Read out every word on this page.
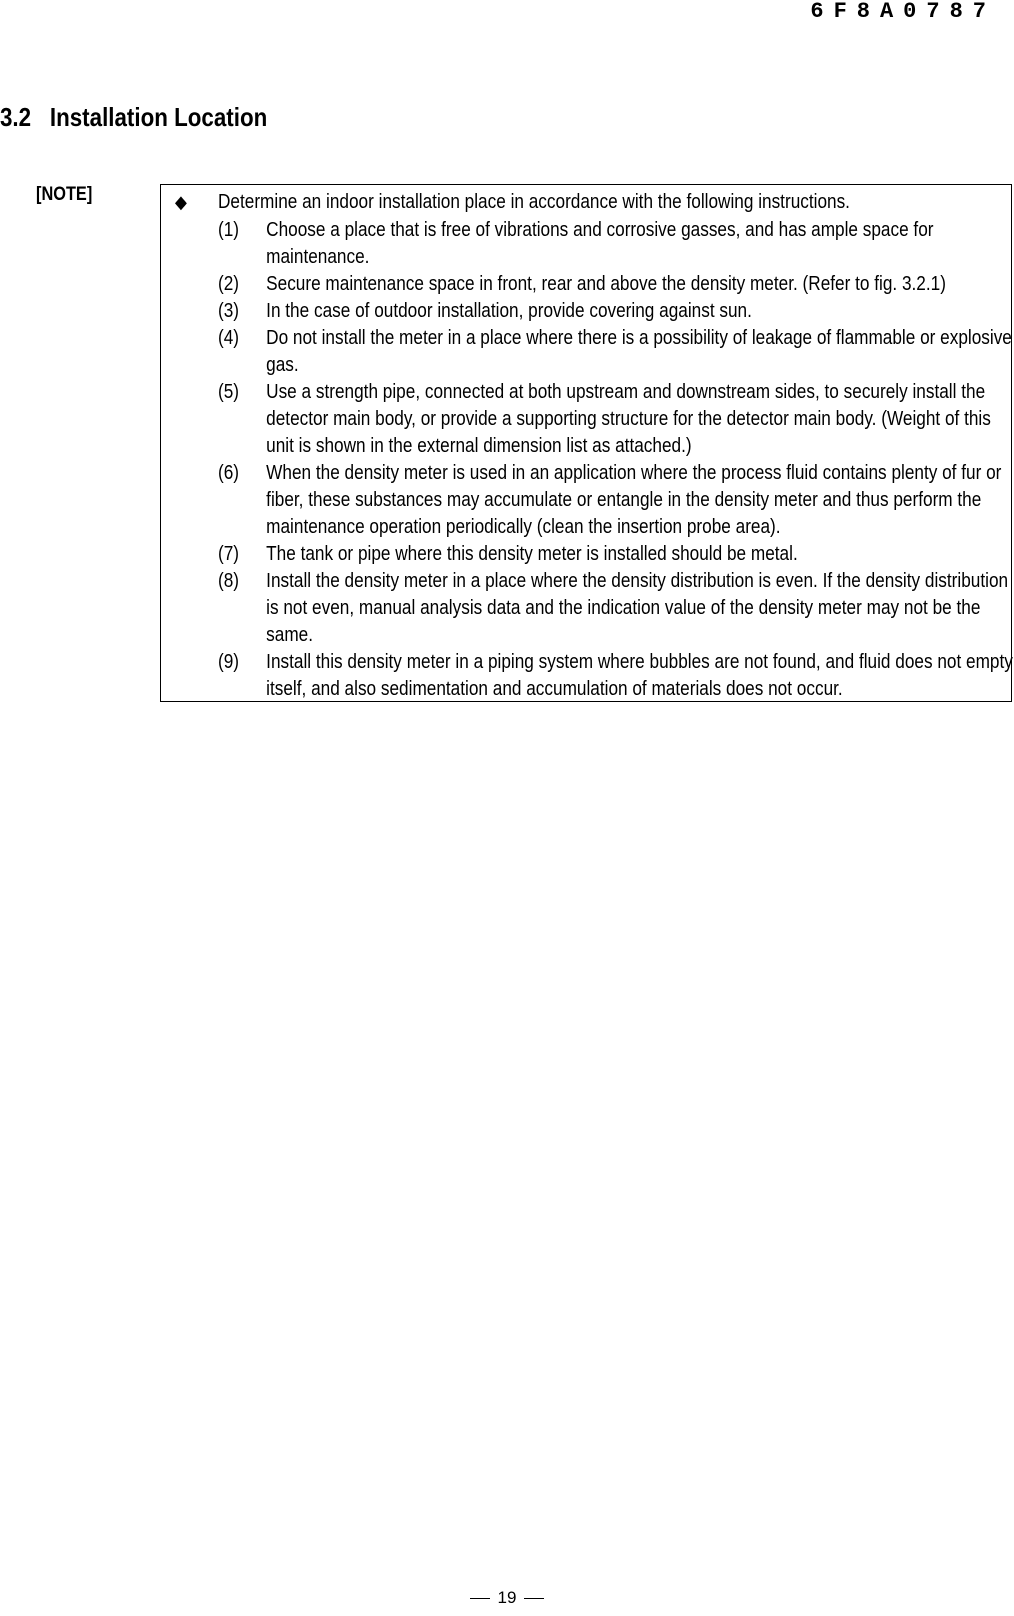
6F8A0787
3.2 Installation Location
[NOTE]	◆ Determine an indoor installation place in accordance with the following instructions.
(1) Choose a place that is free of vibrations and corrosive gasses, and has ample space for maintenance.
(2) Secure maintenance space in front, rear and above the density meter. (Refer to fig. 3.2.1)
(3) In the case of outdoor installation, provide covering against sun.
(4) Do not install the meter in a place where there is a possibility of leakage of flammable or explosive gas.
(5) Use a strength pipe, connected at both upstream and downstream sides, to securely install the detector main body, or provide a supporting structure for the detector main body. (Weight of this unit is shown in the external dimension list as attached.)
(6) When the density meter is used in an application where the process fluid contains plenty of fur or fiber, these substances may accumulate or entangle in the density meter and thus perform the maintenance operation periodically (clean the insertion probe area).
(7) The tank or pipe where this density meter is installed should be metal.
(8) Install the density meter in a place where the density distribution is even. If the density distribution is not even, manual analysis data and the indication value of the density meter may not be the same.
(9) Install this density meter in a piping system where bubbles are not found, and fluid does not empty itself, and also sedimentation and accumulation of materials does not occur.
19
